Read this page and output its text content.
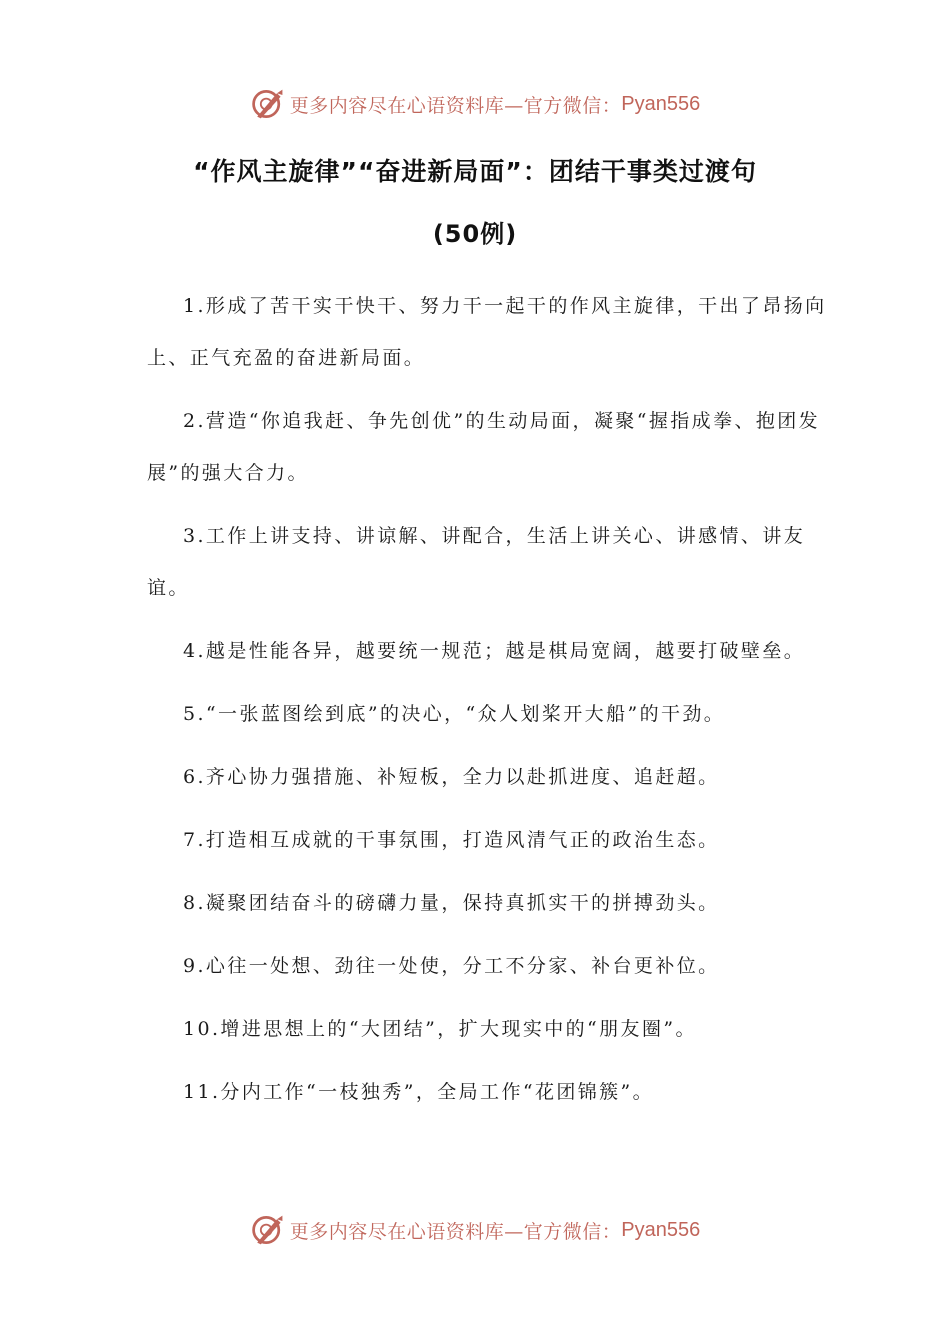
更多内容尽在心语资料库—官方微信： Pyan556
“作风主旋律”“奋进新局面”：团结干事类过渡句
(50例)

1.形成了苦干实干快干、努力干一起干的作风主旋律，干出了昂扬向上、正气充盈的奋进新局面。

2.营造“你追我赶、争先创优”的生动局面，凝聚“握指成拳、抱团发展”的强大合力。

3.工作上讲支持、讲谅解、讲配合，生活上讲关心、讲感情、讲友谊。

4.越是性能各异，越要统一规范；越是棋局宽阔，越要打破壁垒。

5.“一张蓝图绘到底”的决心，“众人划桨开大船”的干劲。

6.齐心协力强措施、补短板，全力以赴抓进度、追赶超。

7.打造相互成就的干事氛围，打造风清气正的政治生态。

8.凝聚团结奋斗的磅礴力量，保持真抓实干的拼搏劲头。

9.心往一处想、劲往一处使，分工不分家、补台更补位。

10.增进思想上的“大团结”，扩大现实中的“朋友圈”。

11.分内工作“一枝独秀”，全局工作“花团锦簇”。

更多内容尽在心语资料库—官方微信： Pyan556
